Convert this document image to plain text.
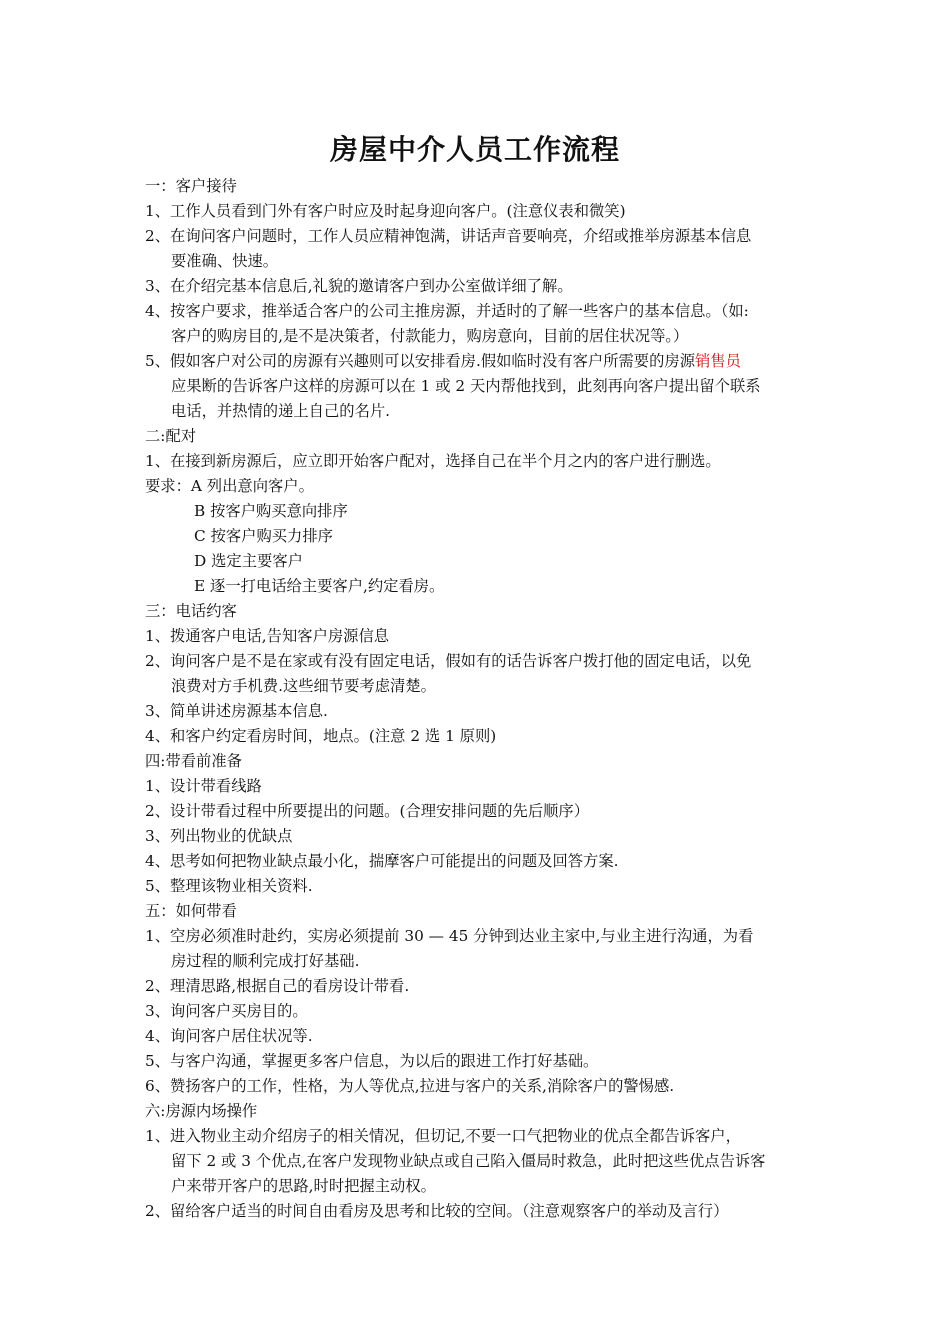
房屋中介人员工作流程
一：客户接待
1、工作人员看到门外有客户时应及时起身迎向客户。(注意仪表和微笑)
2、在询问客户问题时，工作人员应精神饱满，讲话声音要响亮，介绍或推举房源基本信息
要准确、快速。
3、在介绍完基本信息后,礼貌的邀请客户到办公室做详细了解。
4、按客户要求，推举适合客户的公司主推房源，并适时的了解一些客户的基本信息。（如:
客户的购房目的,是不是决策者，付款能力，购房意向，目前的居住状况等。）
5、假如客户对公司的房源有兴趣则可以安排看房.假如临时没有客户所需要的房源销售员
应果断的告诉客户这样的房源可以在 1 或 2 天内帮他找到，此刻再向客户提出留个联系
电话，并热情的递上自己的名片.
二:配对
1、在接到新房源后，应立即开始客户配对，选择自己在半个月之内的客户进行删选。
要求：A 列出意向客户。
B 按客户购买意向排序
C 按客户购买力排序
D 选定主要客户
E 逐一打电话给主要客户,约定看房。
三：电话约客
1、拨通客户电话,告知客户房源信息
2、询问客户是不是在家或有没有固定电话，假如有的话告诉客户拨打他的固定电话，以免
浪费对方手机费.这些细节要考虑清楚。
3、简单讲述房源基本信息.
4、和客户约定看房时间，地点。(注意 2 选 1 原则)
四:带看前准备
1、设计带看线路
2、设计带看过程中所要提出的问题。(合理安排问题的先后顺序）
3、列出物业的优缺点
4、思考如何把物业缺点最小化，揣摩客户可能提出的问题及回答方案.
5、整理该物业相关资料.
五：如何带看
1、空房必须准时赴约，实房必须提前 30 — 45 分钟到达业主家中,与业主进行沟通，为看
房过程的顺利完成打好基础.
2、理清思路,根据自己的看房设计带看.
3、询问客户买房目的。
4、询问客户居住状况等.
5、与客户沟通，掌握更多客户信息，为以后的跟进工作打好基础。
6、赞扬客户的工作，性格，为人等优点,拉进与客户的关系,消除客户的警惕感.
六:房源内场操作
1、进入物业主动介绍房子的相关情况，但切记,不要一口气把物业的优点全都告诉客户，
留下 2 或 3 个优点,在客户发现物业缺点或自己陷入僵局时救急，此时把这些优点告诉客
户来带开客户的思路,时时把握主动权。
2、留给客户适当的时间自由看房及思考和比较的空间。（注意观察客户的举动及言行）
